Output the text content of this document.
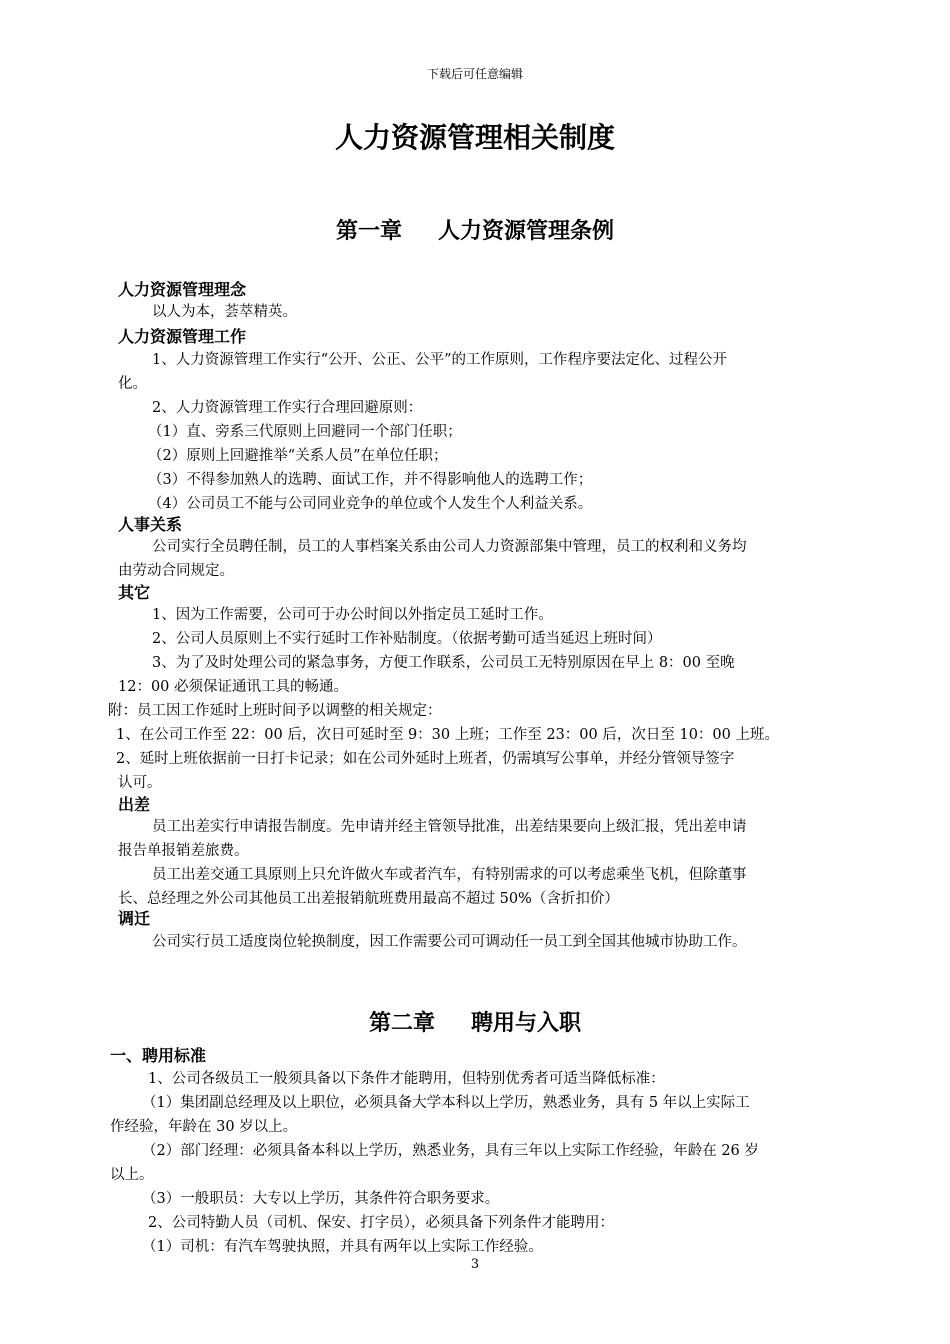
下载后可任意编辑
人力资源管理相关制度
第一章 人力资源管理条例
人力资源管理理念
以人为本，荟萃精英。
人力资源管理工作
1、人力资源管理工作实行“公开、公正、公平”的工作原则，工作程序要法定化、过程公开
化。
2、人力资源管理工作实行合理回避原则：
（1）直、旁系三代原则上回避同一个部门任职；
（2）原则上回避推举“关系人员”在单位任职；
（3）不得参加熟人的选聘、面试工作，并不得影响他人的选聘工作；
（4）公司员工不能与公司同业竞争的单位或个人发生个人利益关系。
人事关系
公司实行全员聘任制，员工的人事档案关系由公司人力资源部集中管理，员工的权利和义务均
由劳动合同规定。
其它
1、因为工作需要，公司可于办公时间以外指定员工延时工作。
2、公司人员原则上不实行延时工作补贴制度。（依据考勤可适当延迟上班时间）
3、为了及时处理公司的紧急事务，方便工作联系，公司员工无特别原因在早上 8：00 至晚
12：00 必须保证通讯工具的畅通。
附：员工因工作延时上班时间予以调整的相关规定：
1、在公司工作至 22：00 后，次日可延时至 9：30 上班；工作至 23：00 后，次日至 10：00 上班。
2、延时上班依据前一日打卡记录；如在公司外延时上班者，仍需填写公事单，并经分管领导签字
认可。
出差
员工出差实行申请报告制度。先申请并经主管领导批准，出差结果要向上级汇报，凭出差申请
报告单报销差旅费。
员工出差交通工具原则上只允许做火车或者汽车，有特别需求的可以考虑乘坐飞机，但除董事
长、总经理之外公司其他员工出差报销航班费用最高不超过 50%（含折扣价）
调迁
公司实行员工适度岗位轮换制度，因工作需要公司可调动任一员工到全国其他城市协助工作。
第二章 聘用与入职
一、聘用标准
1、公司各级员工一般须具备以下条件才能聘用，但特别优秀者可适当降低标准：
（1）集团副总经理及以上职位，必须具备大学本科以上学历，熟悉业务，具有 5 年以上实际工
作经验，年龄在 30 岁以上。
（2）部门经理：必须具备本科以上学历，熟悉业务，具有三年以上实际工作经验，年龄在 26 岁
以上。
（3）一般职员：大专以上学历，其条件符合职务要求。
2、公司特勤人员（司机、保安、打字员），必须具备下列条件才能聘用：
（1）司机：有汽车驾驶执照，并具有两年以上实际工作经验。
3
